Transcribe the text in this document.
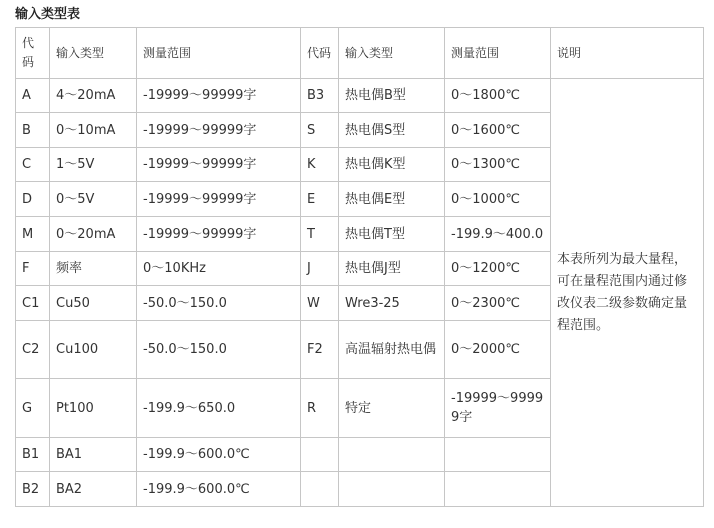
输入类型表
代码	输入类型	测量范围	代码	输入类型	测量范围	说明
A	4～20mA	-19999～99999字	B3	热电偶B型	0～1800℃	本表所列为最大量程，可在量程范围内通过修改仪表二级参数确定量程范围。
B	0～10mA	-19999～99999字	S	热电偶S型	0～1600℃	
C	1～5V	-19999～99999字	K	热电偶K型	0～1300℃	
D	0～5V	-19999～99999字	E	热电偶E型	0～1000℃	
M	0～20mA	-19999～99999字	T	热电偶T型	-199.9～400.0	
F	频率	0～10KHz	J	热电偶J型	0～1200℃	
C1	Cu50	-50.0～150.0	W	Wre3-25	0～2300℃	
C2	Cu100	-50.0～150.0	F2	高温辐射热电偶	0～2000℃	
G	Pt100	-199.9～650.0	R	特定	-19999～99999字	
B1	BA1	-199.9～600.0℃				
B2	BA2	-199.9～600.0℃				
